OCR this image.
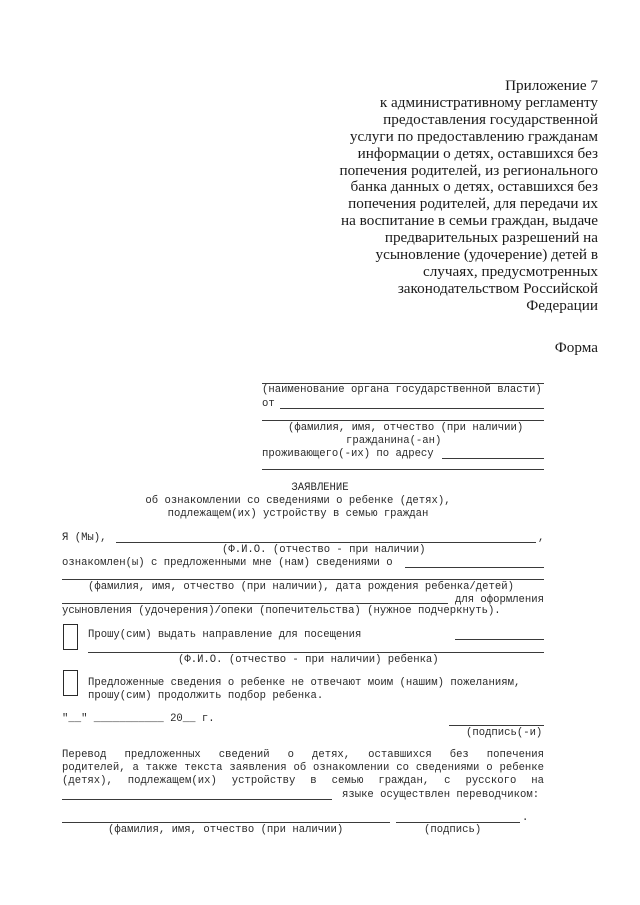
Приложение 7
к административному регламенту
предоставления государственной
услуги по предоставлению гражданам
информации о детях, оставшихся без
попечения родителей, из регионального
банка данных о детях, оставшихся без
попечения родителей, для передачи их
на воспитание в семьи граждан, выдаче
предварительных разрешений на
усыновление (удочерение) детей в
случаях, предусмотренных
законодательством Российской
Федерации
Форма
(наименование органа государственной власти)
от
(фамилия, имя, отчество (при наличии)
гражданина(-ан)
проживающего(-их) по адресу
ЗАЯВЛЕНИЕ
об ознакомлении со сведениями о ребенке (детях),
подлежащем(их) устройству в семью граждан
Я (Мы),	,
(Ф.И.О. (отчество - при наличии)
ознакомлен(ы) с предложенными мне (нам) сведениями о
(фамилия, имя, отчество (при наличии), дата рождения ребенка/детей)
для оформления
усыновления (удочерения)/опеки (попечительства) (нужное подчеркнуть).
Прошу(сим) выдать направление для посещения
(Ф.И.О. (отчество - при наличии) ребенка)
Предложенные сведения о ребенке не отвечают моим (нашим) пожеланиям,
прошу(сим) продолжить подбор ребенка.
"__" ___________ 20__ г.
(подпись(-и)
Перевод предложенных сведений о детях, оставшихся без попечения
родителей, а также текста заявления об ознакомлении со сведениями о ребенке
(детях), подлежащем(их) устройству в семью граждан, с русского на
языке осуществлен переводчиком:
.
(фамилия, имя, отчество (при наличии)	(подпись)
